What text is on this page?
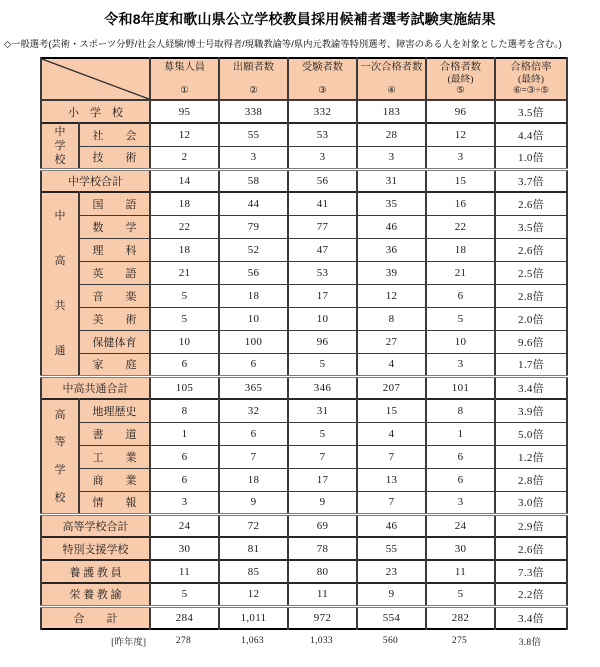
令和8年度和歌山県公立学校教員採用候補者選考試験実施結果
◇一般選考(芸術・スポーツ分野/社会人経験/博士号取得者/現職教諭等/県内元教諭等特別選考、障害のある人を対象とした選考を含む。)

募集人員
①

出願者数
②

受験者数
③

一次合格者数
④

合格者数
(最終)
⑤

合格倍率
(最終)
⑥=③÷⑤

小　学　校		95	338	332	183	96	3.5倍

中
学
校	社　　会	12	55	53	28	12	4.4倍
	技　　術	2	3	3	3	3	1.0倍
中学校合計		14	58	56	31	15	3.7倍

中
高
共
通	国　　語	18	44	41	35	16	2.6倍
	数　　学	22	79	77	46	22	3.5倍
	理　　科	18	52	47	36	18	2.6倍
	英　　語	21	56	53	39	21	2.5倍
	音　　楽	5	18	17	12	6	2.8倍
	美　　術	5	10	10	8	5	2.0倍
	保健体育	10	100	96	27	10	9.6倍
	家　　庭	6	6	5	4	3	1.7倍
中高共通合計		105	365	346	207	101	3.4倍

高
等
学
校	地理歴史	8	32	31	15	8	3.9倍
	書　　道	1	6	5	4	1	5.0倍
	工　　業	6	7	7	7	6	1.2倍
	商　　業	6	18	17	13	6	2.8倍
	情　　報	3	9	9	7	3	3.0倍
高等学校合計		24	72	69	46	24	2.9倍
特別支援学校		30	81	78	55	30	2.6倍
養 護 教 員		11	85	80	23	11	7.3倍
栄 養 教 諭		5	12	11	9	5	2.2倍
合　　計		284	1,011	972	554	282	3.4倍
[昨年度]	278	1,063	1,033	560	275	3.8倍
